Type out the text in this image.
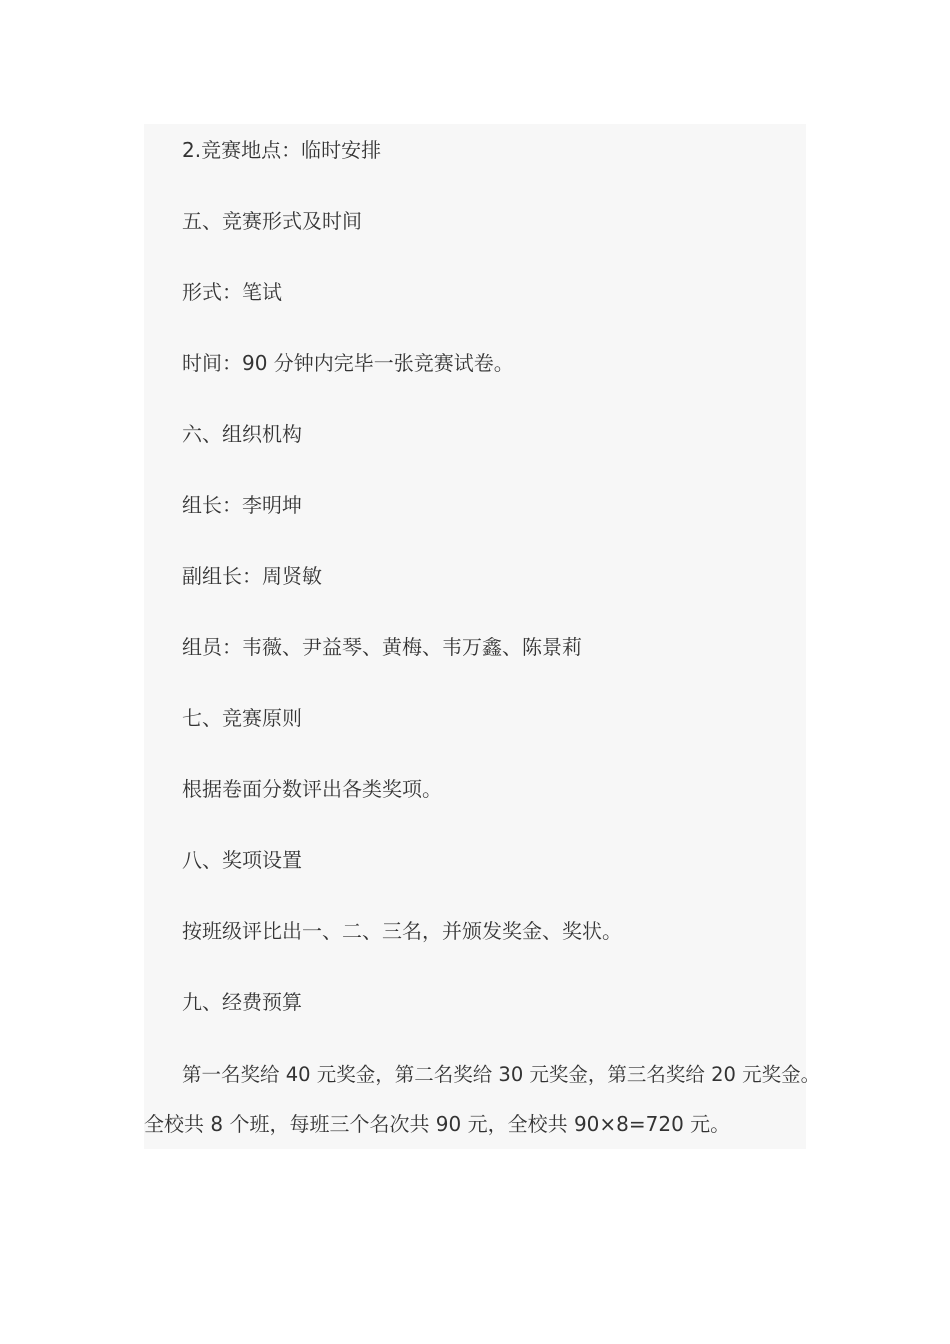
2.竞赛地点：临时安排

五、竞赛形式及时间

形式：笔试

时间：90 分钟内完毕一张竞赛试卷。

六、组织机构

组长：李明坤

副组长：周贤敏

组员：韦薇、尹益琴、黄梅、韦万鑫、陈景莉

七、竞赛原则

根据卷面分数评出各类奖项。

八、奖项设置

按班级评比出一、二、三名，并颁发奖金、奖状。

九、经费预算

第一名奖给 40 元奖金，第二名奖给 30 元奖金，第三名奖给 20 元奖金。

全校共 8 个班，每班三个名次共 90 元，全校共 90×8=720 元。
